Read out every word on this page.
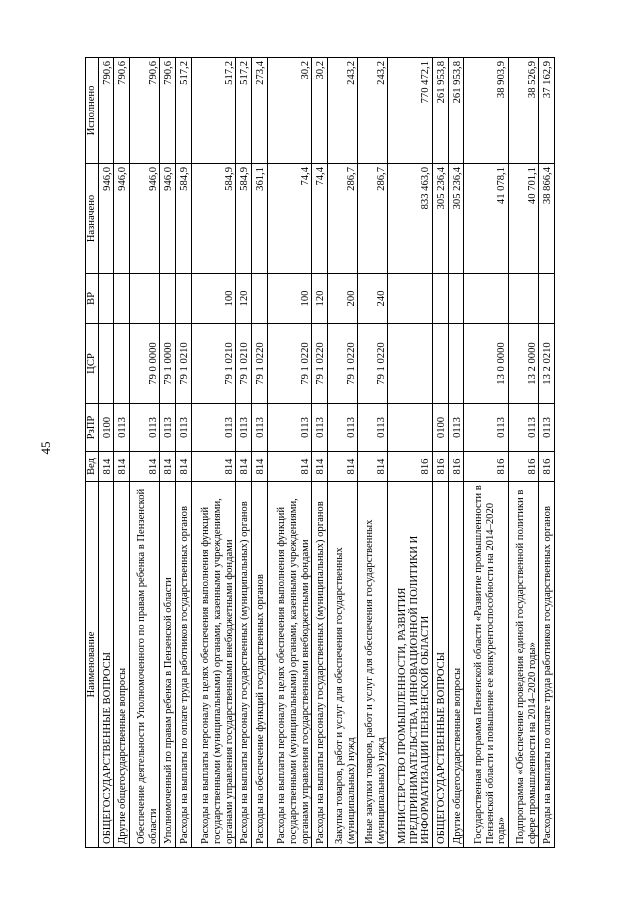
45
Наименование	Вед	РзПР	ЦСР	ВР	Назначено	Исполнено
ОБЩЕГОСУДАРСТВЕННЫЕ ВОПРОСЫ	814	0100			946,0	790,6
Другие общегосударственные вопросы	814	0113			946,0	790,6
Обеспечение деятельности Уполномоченного по правам ребенка в Пензенской области	814	0113	79 0 0000		946,0	790,6
Уполномоченный по правам ребенка в Пензенской области	814	0113	79 1 0000		946,0	790,6
Расходы на выплаты по оплате труда работников государственных органов	814	0113	79 1 0210		584,9	517,2
Расходы на выплаты персоналу в целях обеспечения выполнения функций государственными (муниципальными) органами, казенными учреждениями, органами управления государственными внебюджетными фондами	814	0113	79 1 0210	100	584,9	517,2
Расходы на выплаты персоналу государственных (муниципальных) органов	814	0113	79 1 0210	120	584,9	517,2
Расходы на обеспечение функций государственных органов	814	0113	79 1 0220		361,1	273,4
Расходы на выплаты персоналу в целях обеспечения выполнения функций государственными (муниципальными) органами, казенными учреждениями, органами управления государственными внебюджетными фондами	814	0113	79 1 0220	100	74,4	30,2
Расходы на выплаты персоналу государственных (муниципальных) органов	814	0113	79 1 0220	120	74,4	30,2
Закупка товаров, работ и услуг для обеспечения государственных (муниципальных) нужд	814	0113	79 1 0220	200	286,7	243,2
Иные закупки товаров, работ и услуг для обеспечения государственных (муниципальных) нужд	814	0113	79 1 0220	240	286,7	243,2
МИНИСТЕРСТВО ПРОМЫШЛЕННОСТИ, РАЗВИТИЯ ПРЕДПРИНИМАТЕЛЬСТВА, ИННОВАЦИОННОЙ ПОЛИТИКИ И ИНФОРМАТИЗАЦИИ ПЕНЗЕНСКОЙ ОБЛАСТИ	816				833 463,0	770 472,1
ОБЩЕГОСУДАРСТВЕННЫЕ ВОПРОСЫ	816	0100			305 236,4	261 953,8
Другие общегосударственные вопросы	816	0113			305 236,4	261 953,8
Государственная программа Пензенской области «Развитие промышленности в Пензенской области и повышение ее конкурентоспособности на 2014–2020 годы»	816	0113	13 0 0000		41 078,1	38 903,9
Подпрограмма «Обеспечение проведения единой государственной политики в сфере промышленности на 2014–2020 годы»	816	0113	13 2 0000		40 701,1	38 526,9
Расходы на выплаты по оплате труда работников государственных органов	816	0113	13 2 0210		38 866,4	37 162,9
